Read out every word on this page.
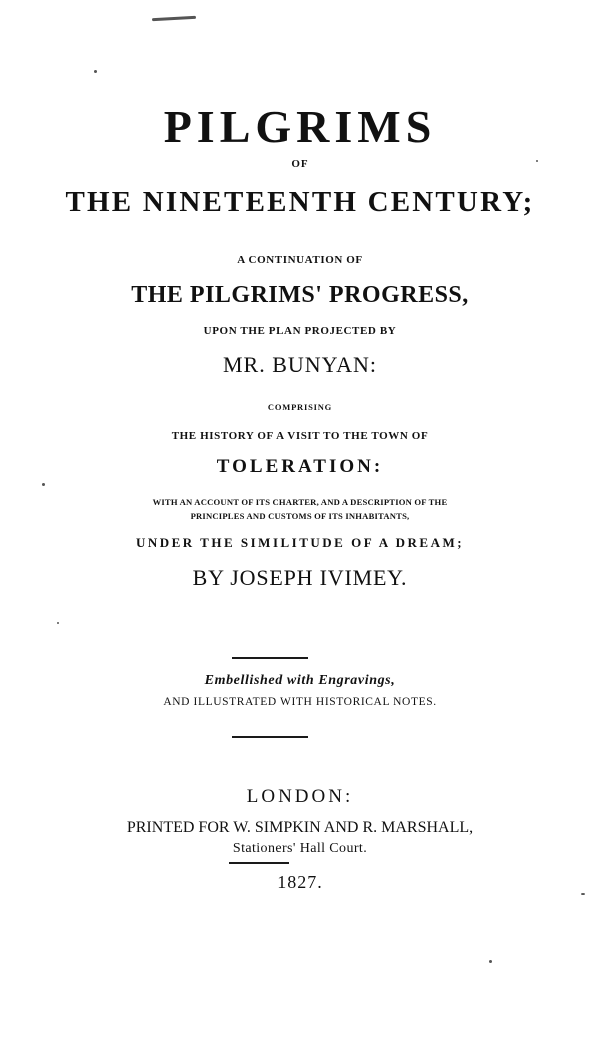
PILGRIMS
OF
THE NINETEENTH CENTURY;
A CONTINUATION OF
THE PILGRIMS' PROGRESS,
UPON THE PLAN PROJECTED BY
MR. BUNYAN:
COMPRISING
THE HISTORY OF A VISIT TO THE TOWN OF
TOLERATION:
WITH AN ACCOUNT OF ITS CHARTER, AND A DESCRIPTION OF THE
PRINCIPLES AND CUSTOMS OF ITS INHABITANTS,
UNDER THE SIMILITUDE OF A DREAM;
BY JOSEPH IVIMEY.
Embellished with Engravings,
AND ILLUSTRATED WITH HISTORICAL NOTES.
LONDON:
PRINTED FOR W. SIMPKIN AND R. MARSHALL,
Stationers' Hall Court.
1827.
